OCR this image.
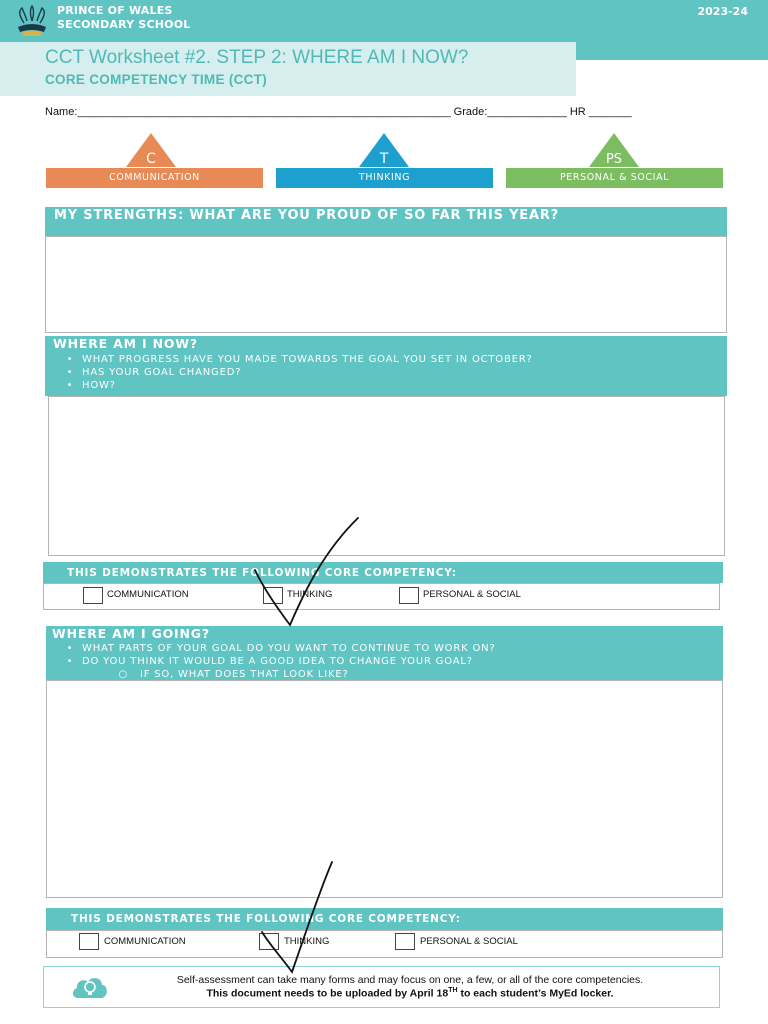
PRINCE OF WALES
SECONDARY SCHOOL
2023-24
CCT Worksheet #2. STEP 2: WHERE AM I NOW?
CORE COMPETENCY TIME (CCT)
Name:_____________________________________________________________ Grade:_____________ HR _______
C
COMMUNICATION
T
THINKING
PS
PERSONAL & SOCIAL
MY STRENGTHS: WHAT ARE YOU PROUD OF SO FAR THIS YEAR?
WHERE AM I NOW?
• WHAT PROGRESS HAVE YOU MADE TOWARDS THE GOAL YOU SET IN OCTOBER?
• HAS YOUR GOAL CHANGED?
• HOW?
THIS DEMONSTRATES THE FOLLOWING CORE COMPETENCY:
COMMUNICATION	THINKING	PERSONAL & SOCIAL
WHERE AM I GOING?
• WHAT PARTS OF YOUR GOAL DO YOU WANT TO CONTINUE TO WORK ON?
• DO YOU THINK IT WOULD BE A GOOD IDEA TO CHANGE YOUR GOAL?
○ IF SO, WHAT DOES THAT LOOK LIKE?
THIS DEMONSTRATES THE FOLLOWING CORE COMPETENCY:
COMMUNICATION	THINKING	PERSONAL & SOCIAL
Self-assessment can take many forms and may focus on one, a few, or all of the core competencies.
This document needs to be uploaded by April 18TH to each student’s MyEd locker.
